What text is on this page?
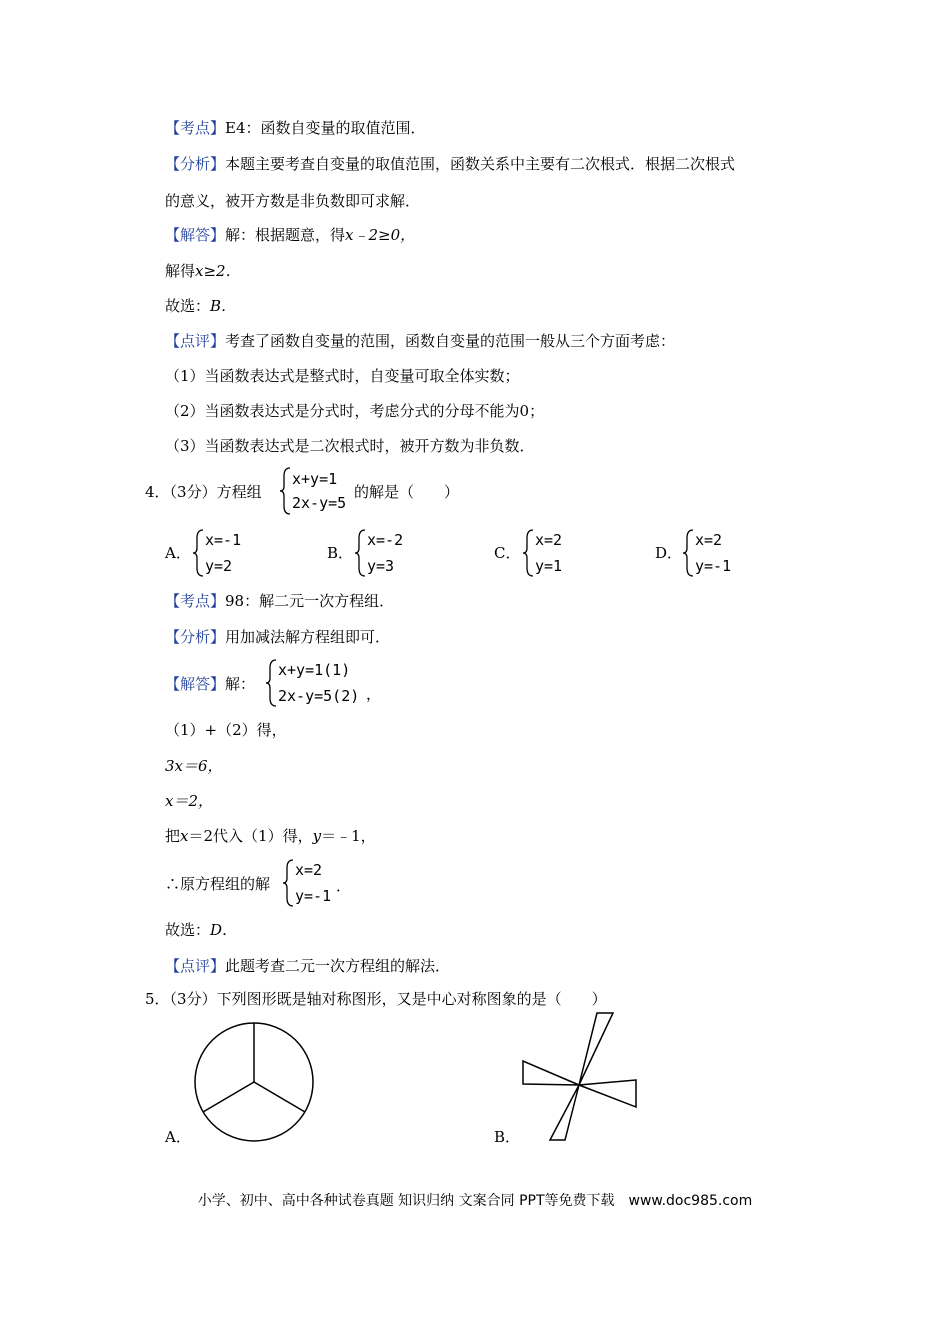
【考点】E4：函数自变量的取值范围．
【分析】本题主要考查自变量的取值范围，函数关系中主要有二次根式．根据二次根式
的意义，被开方数是非负数即可求解．
【解答】解：根据题意，得x﹣2≥0，
解得x≥2．
故选：B．
【点评】考查了函数自变量的范围，函数自变量的范围一般从三个方面考虑：
（1）当函数表达式是整式时，自变量可取全体实数；
（2）当函数表达式是分式时，考虑分式的分母不能为0；
（3）当函数表达式是二次根式时，被开方数为非负数．
4．（3分）方程组
x+y=1
2x-y=5
的解是（　　）
A．
x=-1
y=2
B．
x=-2
y=3
C．
x=2
y=1
D．
x=2
y=-1
【考点】98：解二元一次方程组．
【分析】用加减法解方程组即可．
【解答】解：
x+y=1(1)
2x-y=5(2) ，
（1）+（2）得，
3x＝6，
x＝2，
把x＝2代入（1）得，y＝﹣1，
∴原方程组的解
x=2
y=-1
．
故选：D．
【点评】此题考查二元一次方程组的解法．
5．（3分）下列图形既是轴对称图形，又是中心对称图象的是（　　）
A．	B．
小学、初中、高中各种试卷真题 知识归纳 文案合同 PPT等免费下载　www.doc985.com
